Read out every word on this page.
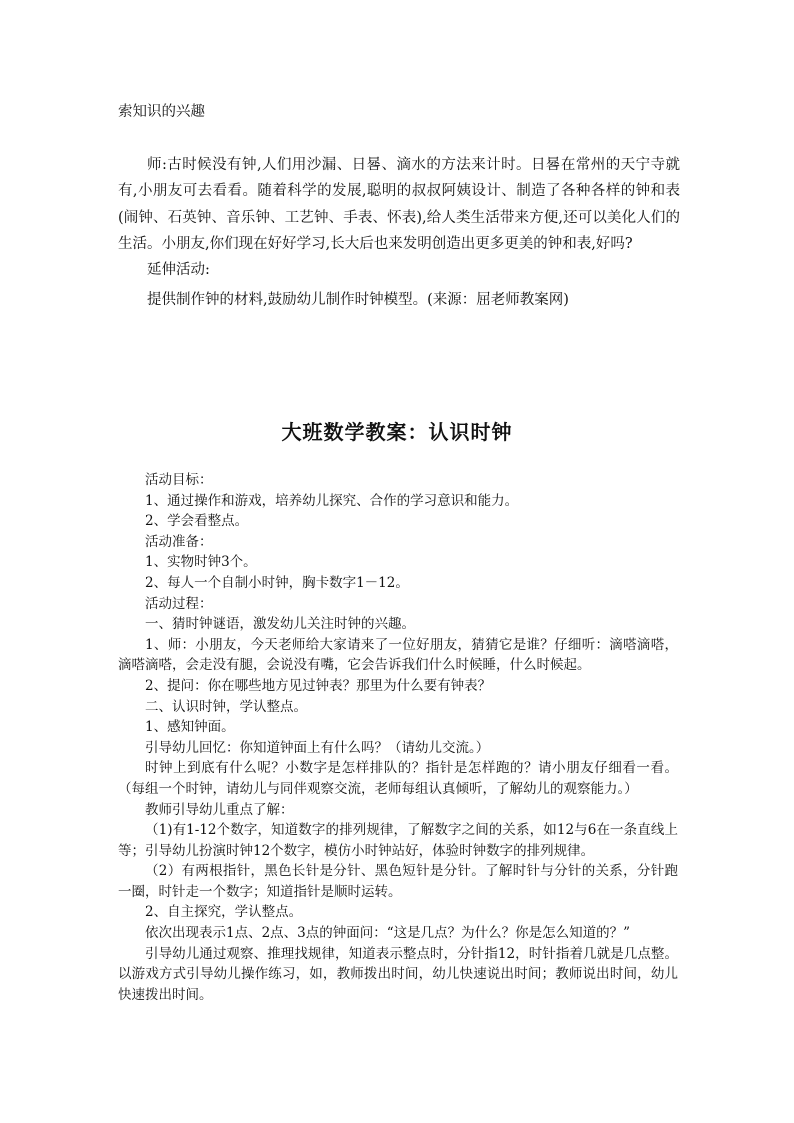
索知识的兴趣

师:古时候没有钟,人们用沙漏、日晷、滴水的方法来计时。日晷在常州的天宁寺就有,小朋友可去看看。随着科学的发展,聪明的叔叔阿姨设计、制造了各种各样的钟和表(闹钟、石英钟、音乐钟、工艺钟、手表、怀表),给人类生活带来方便,还可以美化人们的生活。小朋友,你们现在好好学习,长大后也来发明创造出更多更美的钟和表,好吗?

延伸活动:
提供制作钟的材料,鼓励幼儿制作时钟模型。(来源：屈老师教案网)
大班数学教案：认识时钟

活动目标：

1、通过操作和游戏，培养幼儿探究、合作的学习意识和能力。

2、学会看整点。

活动准备：

1、实物时钟3个。

2、每人一个自制小时钟，胸卡数字1－12。

活动过程：

一、猜时钟谜语，激发幼儿关注时钟的兴趣。

1、师：小朋友，今天老师给大家请来了一位好朋友，猜猜它是谁？仔细听：滴嗒滴嗒，滴嗒滴嗒，会走没有腿，会说没有嘴，它会告诉我们什么时候睡，什么时候起。

2、提问：你在哪些地方见过钟表？那里为什么要有钟表？

二、认识时钟，学认整点。

1、感知钟面。

引导幼儿回忆：你知道钟面上有什么吗？（请幼儿交流。）

时钟上到底有什么呢？小数字是怎样排队的？指针是怎样跑的？请小朋友仔细看一看。（每组一个时钟，请幼儿与同伴观察交流，老师每组认真倾听，了解幼儿的观察能力。）

教师引导幼儿重点了解：

（1)有1-12个数字，知道数字的排列规律，了解数字之间的关系，如12与6在一条直线上等；引导幼儿扮演时钟12个数字，模仿小时钟站好，体验时钟数字的排列规律。

（2）有两根指针，黑色长针是分针、黑色短针是分针。了解时针与分针的关系，分针跑一圈，时针走一个数字；知道指针是顺时运转。

2、自主探究，学认整点。

依次出现表示1点、2点、3点的钟面问：“这是几点？为什么？你是怎么知道的？”

引导幼儿通过观察、推理找规律，知道表示整点时，分针指12，时针指着几就是几点整。以游戏方式引导幼儿操作练习，如，教师拨出时间，幼儿快速说出时间；教师说出时间，幼儿快速拨出时间。
